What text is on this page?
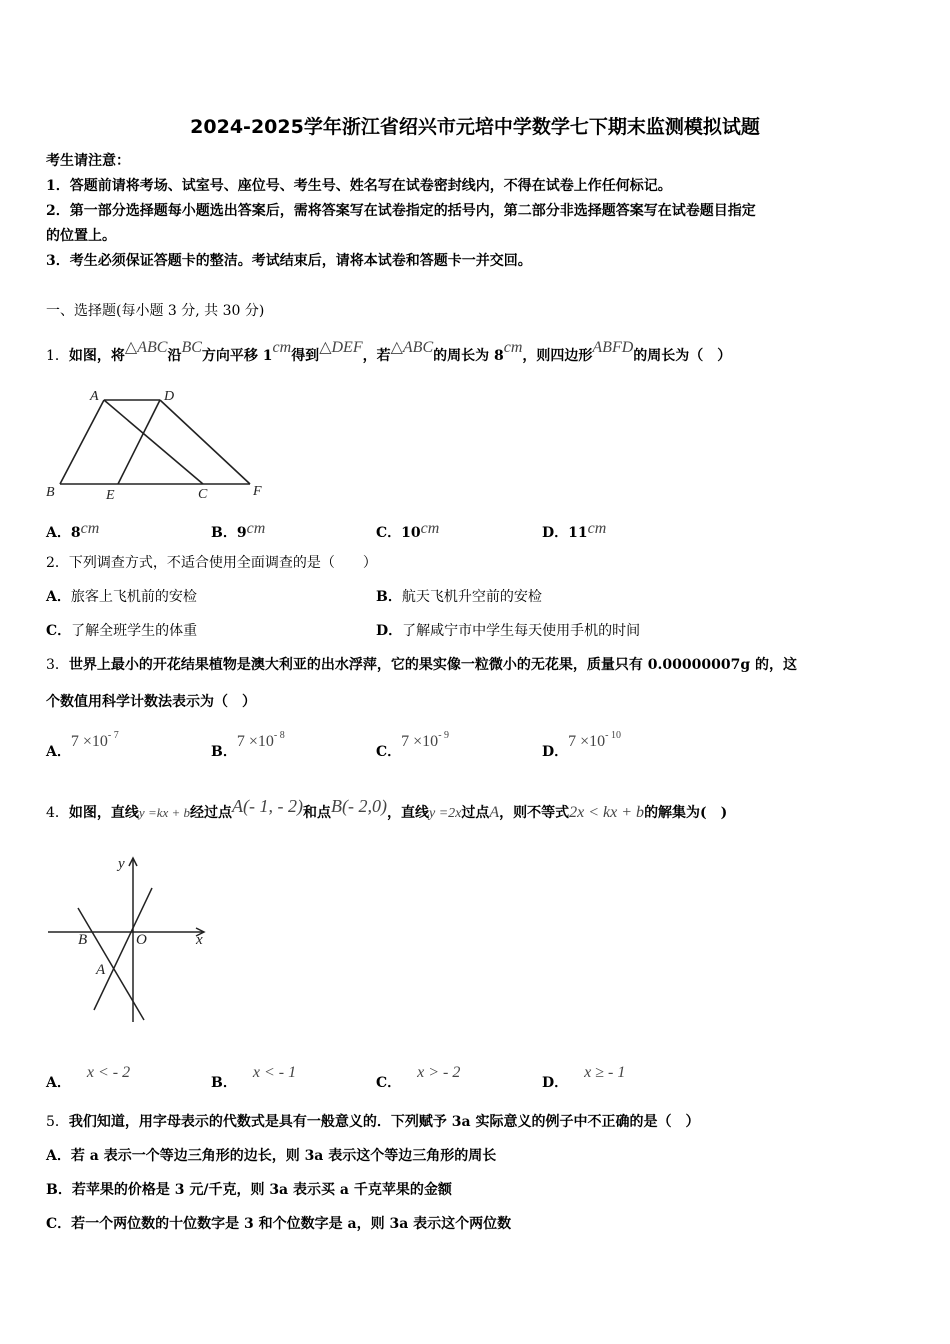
2024-2025学年浙江省绍兴市元培中学数学七下期末监测模拟试题
考生请注意：
1．答题前请将考场、试室号、座位号、考生号、姓名写在试卷密封线内，不得在试卷上作任何标记。
2．第一部分选择题每小题选出答案后，需将答案写在试卷指定的括号内，第二部分非选择题答案写在试卷题目指定
的位置上。
3．考生必须保证答题卡的整洁。考试结束后，请将本试卷和答题卡一并交回。
一、选择题(每小题 3 分, 共 30 分)
1．如图，将△ABC沿BC方向平移 1cm得到△DEF，若△ABC的周长为 8cm，则四边形ABFD的周长为（　）
A	D
B	E	C	F
A．8cm	B．9cm	C．10cm	D．11cm
2．下列调查方式，不适合使用全面调查的是（　　）
A．旅客上飞机前的安检	B．航天飞机升空前的安检
C．了解全班学生的体重	D．了解咸宁市中学生每天使用手机的时间
3．世界上最小的开花结果植物是澳大利亚的出水浮萍，它的果实像一粒微小的无花果，质量只有 0.00000007g 的，这
个数值用科学计数法表示为（　）
A．$7 \times 10^{- 7}$
B．$7 \times 10^{- 8}$
C．$7 \times 10^{- 9}$
D．$7 \times 10^{- 10}$
4．如图，直线y =kx + b经过点A(- 1, - 2)和点B(- 2,0)，直线y =2x过点A，则不等式2x < kx + b的解集为(　)
y
x
B	O
A
A．x < - 2
B．x < - 1
C．x > - 2
D．x ≥ - 1
5．我们知道，用字母表示的代数式是具有一般意义的．下列赋予 3a 实际意义的例子中不正确的是（　）
A．若 a 表示一个等边三角形的边长，则 3a 表示这个等边三角形的周长
B．若苹果的价格是 3 元/千克，则 3a 表示买 a 千克苹果的金额
C．若一个两位数的十位数字是 3 和个位数字是 a，则 3a 表示这个两位数
